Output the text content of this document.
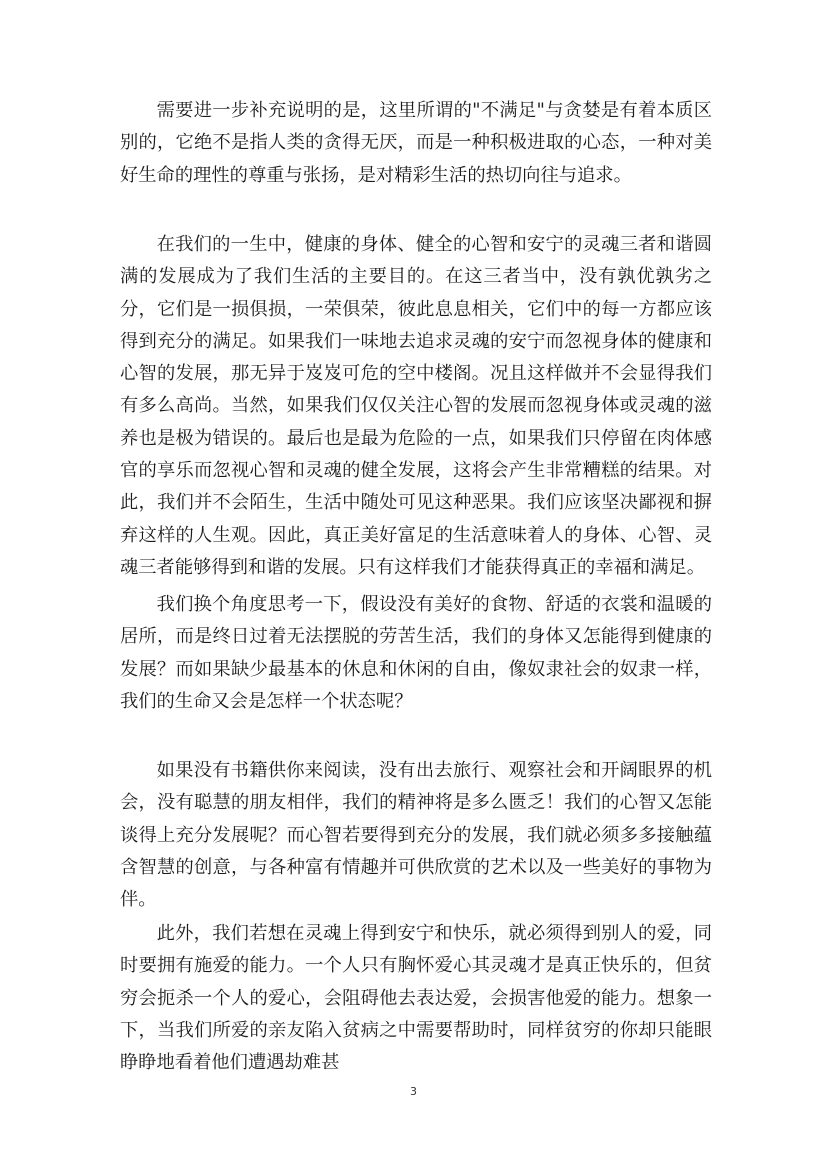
需要进一步补充说明的是，这里所谓的"不满足"与贪婪是有着本质区别的，它绝不是指人类的贪得无厌，而是一种积极进取的心态，一种对美好生命的理性的尊重与张扬，是对精彩生活的热切向往与追求。

在我们的一生中，健康的身体、健全的心智和安宁的灵魂三者和谐圆满的发展成为了我们生活的主要目的。在这三者当中，没有孰优孰劣之分，它们是一损俱损，一荣俱荣，彼此息息相关，它们中的每一方都应该得到充分的满足。如果我们一味地去追求灵魂的安宁而忽视身体的健康和心智的发展，那无异于岌岌可危的空中楼阁。况且这样做并不会显得我们有多么高尚。当然，如果我们仅仅关注心智的发展而忽视身体或灵魂的滋养也是极为错误的。最后也是最为危险的一点，如果我们只停留在肉体感官的享乐而忽视心智和灵魂的健全发展，这将会产生非常糟糕的结果。对此，我们并不会陌生，生活中随处可见这种恶果。我们应该坚决鄙视和摒弃这样的人生观。因此，真正美好富足的生活意味着人的身体、心智、灵魂三者能够得到和谐的发展。只有这样我们才能获得真正的幸福和满足。

我们换个角度思考一下，假设没有美好的食物、舒适的衣裳和温暖的居所，而是终日过着无法摆脱的劳苦生活，我们的身体又怎能得到健康的发展？而如果缺少最基本的休息和休闲的自由，像奴隶社会的奴隶一样，我们的生命又会是怎样一个状态呢？

如果没有书籍供你来阅读，没有出去旅行、观察社会和开阔眼界的机会，没有聪慧的朋友相伴，我们的精神将是多么匮乏！我们的心智又怎能谈得上充分发展呢？而心智若要得到充分的发展，我们就必须多多接触蕴含智慧的创意，与各种富有情趣并可供欣赏的艺术以及一些美好的事物为伴。

此外，我们若想在灵魂上得到安宁和快乐，就必须得到别人的爱，同时要拥有施爱的能力。一个人只有胸怀爱心其灵魂才是真正快乐的，但贫穷会扼杀一个人的爱心，会阻碍他去表达爱，会损害他爱的能力。想象一下，当我们所爱的亲友陷入贫病之中需要帮助时，同样贫穷的你却只能眼睁睁地看着他们遭遇劫难甚

3
